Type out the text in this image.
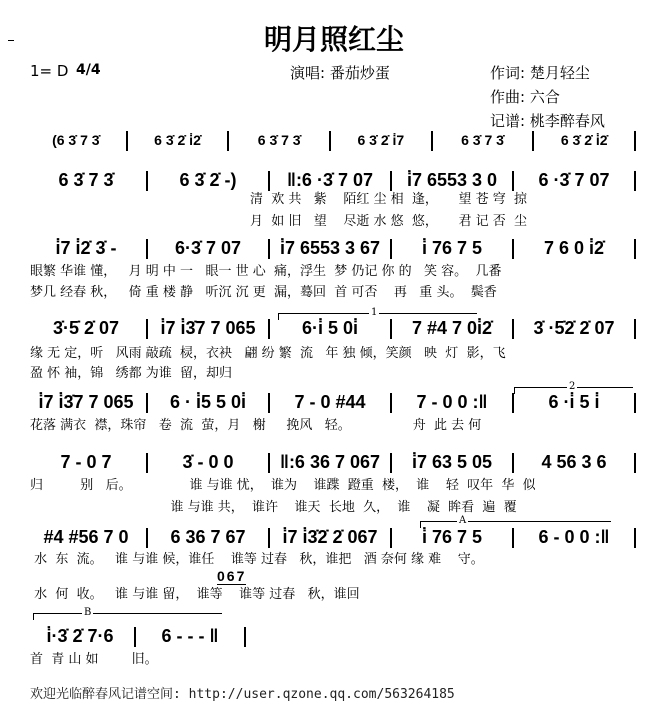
明月照红尘
1= D 4/4	演唱: 番茄炒蛋	作词: 楚月轻尘
作曲: 六合
记谱: 桃李醉春风
(6 3̇ 7 3̇	6 3̇ 2̇ i̇2̇	6 3̇ 7 3̇	6 3̇ 2̇ i̇7	6 3̇ 7 3̇	6 3̇ 2̇ i̇2̇
6 3̇ 7 3̇	6 3̇ 2̇ -)	‖:6 ·3̇ 7 07	i̇7 6553 3 0	6 ·3̇ 7 07
清  欢 共   紫    陌红 尘 相  逢，     望 苍 穹  掠
月  如 旧   望    尽逝 水 悠  悠，     君 记 否  尘
i̇7 i̇2̇ 3̇ -	6·3̇ 7 07	i̇7 6553 3 67	i̇ 76 7 5	7 6 0 i̇2̇
眼繁 华谁 懂，   月 明 中 一   眼一 世 心  痛，浮生  梦 仍记 你 的   笑 容。  几番
梦几 经春 秋，   倚 重 楼 静   听沉 沉 更  漏，蓦回  首 可否    再   重 头。  鬓香
3̇·5̇ 2̇ 07	i̇7 i̇3̇7 7 065	6·i̇ 5 0i̇	7 #4 7 0i̇2̇	3̇ ·5̇2̇ 2̇ 07
缘 无 定，听   风雨 敲疏  棂，衣袂   翩 纷 繁  流   年 独 倾，笑颜   映  灯  影，飞
盈 怀 袖，锦   绣都 为谁  留，却归
i̇7 i̇3̇7 7 065	6 · i̇5 5 0i̇	7 - 0 #44	7 - 0 0 :‖	6 ·i̇ 5 i̇
花落 满衣  襟，珠帘   卷  流  萤，月   榭     挽风   轻。               舟  此 去 何
7 - 0 7	3̇ - 0 0	‖:6 36 7 067	i̇7 63 5 05	4 56 3 6
归         别   后。              谁 与谁 忧，  谁为    谁蹀  蹬重  楼，  谁    轻  叹年  华  似
谁 与谁 共，  谁许    谁天  长地  久，  谁    凝  眸看  遍  覆
#4 #56 7 0	6 36 7 67	i̇7 i̇3̇2̇ 2̇ 067	i̇ 76 7 5	6 - 0 0 :‖
水  东  流。   谁 与谁 候，谁任    谁等 过春   秋，谁把   酒 奈何 缘 难    守。
水  何  收。   谁 与谁 留，  谁等    谁等 过春   秋，谁回
067
i̇·3̇ 2̇ 7·6	6 - - - ‖
首  青 山 如        旧。
1
2
A
B
欢迎光临醉春风记谱空间: http://user.qzone.qq.com/563264185
